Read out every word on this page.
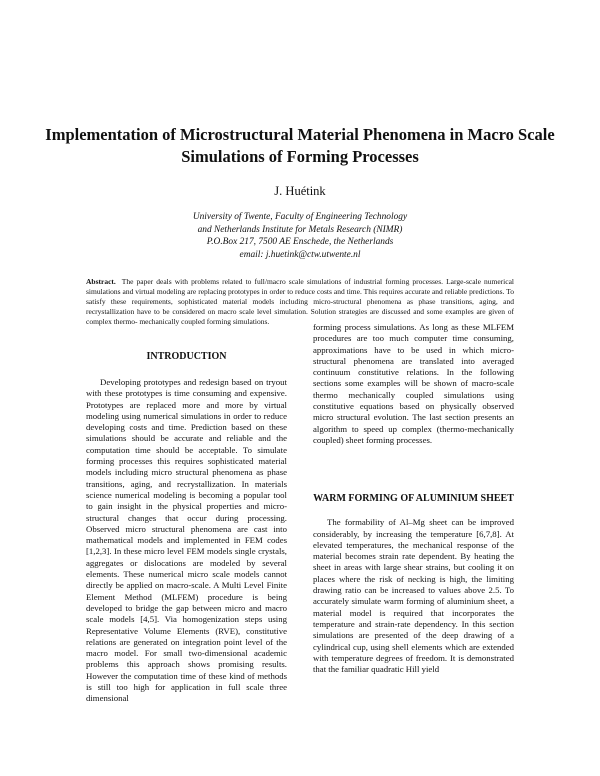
Implementation of Microstructural Material Phenomena in Macro Scale Simulations of Forming Processes
J. Huétink
University of Twente, Faculty of Engineering Technology
and Netherlands Institute for Metals Research (NIMR)
P.O.Box 217, 7500 AE Enschede, the Netherlands
email: j.huetink@ctw.utwente.nl

Abstract. The paper deals with problems related to full/macro scale simulations of industrial forming processes. Large-scale numerical simulations and virtual modeling are replacing prototypes in order to reduce costs and time. This requires accurate and reliable predictions. To satisfy these requirements, sophisticated material models including micro-structural phenomena as phase transitions, aging, and recrystallization have to be considered on macro scale level simulation. Solution strategies are discussed and some examples are given of complex thermo- mechanically coupled forming simulations.

INTRODUCTION

Developing prototypes and redesign based on tryout with these prototypes is time consuming and expensive. Prototypes are replaced more and more by virtual modeling using numerical simulations in order to reduce developing costs and time. Prediction based on these simulations should be accurate and reliable and the computation time should be acceptable. To simulate forming processes this requires sophisticated material models including micro structural phenomena as phase transitions, aging, and recrystallization. In materials science numerical modeling is becoming a popular tool to gain insight in the physical properties and micro-structural changes that occur during processing. Observed micro structural phenomena are cast into mathematical models and implemented in FEM codes [1,2,3]. In these micro level FEM models single crystals, aggregates or dislocations are modeled by several elements. These numerical micro scale models cannot directly be applied on macro-scale. A Multi Level Finite Element Method (MLFEM) procedure is being developed to bridge the gap between micro and macro scale models [4,5]. Via homogenization steps using Representative Volume Elements (RVE), constitutive relations are generated on integration point level of the macro model. For small two-dimensional academic problems this approach shows promising results. However the computation time of these kind of methods is still too high for application in full scale three dimensional

forming process simulations. As long as these MLFEM procedures are too much computer time consuming, approximations have to be used in which micro-structural phenomena are translated into averaged continuum constitutive relations. In the following sections some examples will be shown of macro-scale thermo mechanically coupled simulations using constitutive equations based on physically observed micro structural evolution. The last section presents an algorithm to speed up complex (thermo-mechanically coupled) sheet forming processes.

WARM FORMING OF ALUMINIUM SHEET

The formability of Al–Mg sheet can be improved considerably, by increasing the temperature [6,7,8]. At elevated temperatures, the mechanical response of the material becomes strain rate dependent. By heating the sheet in areas with large shear strains, but cooling it on places where the risk of necking is high, the limiting drawing ratio can be increased to values above 2.5. To accurately simulate warm forming of aluminium sheet, a material model is required that incorporates the temperature and strain-rate dependency. In this section simulations are presented of the deep drawing of a cylindrical cup, using shell elements which are extended with temperature degrees of freedom. It is demonstrated that the familiar quadratic Hill yield
